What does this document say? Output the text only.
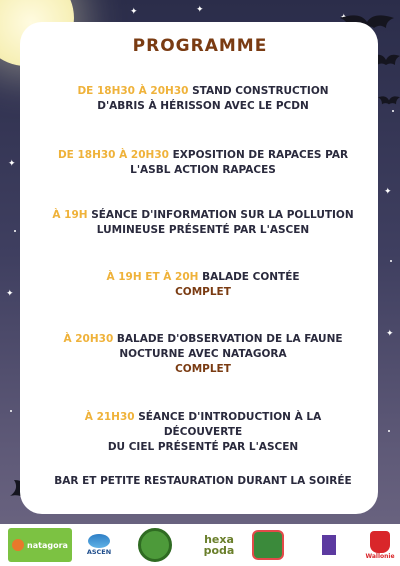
✦	✦
✦
✦
✦
✦
PROGRAMME
DE 18H30 À 20H30 STAND CONSTRUCTION
D'ABRIS À HÉRISSON AVEC LE PCDN
DE 18H30 À 20H30 EXPOSITION DE RAPACES PAR
L'ASBL ACTION RAPACES
À 19H SÉANCE D'INFORMATION SUR LA POLLUTION
LUMINEUSE PRÉSENTÉ PAR L'ASCEN
À 19H ET À 20H BALADE CONTÉE

COMPLET
À 20H30 BALADE D'OBSERVATION DE LA FAUNE
NOCTURNE AVEC NATAGORA
COMPLET
À 21H30 SÉANCE D'INTRODUCTION À LA DÉCOUVERTE
DU CIEL PRÉSENTÉ PAR L'ASCEN
BAR ET PETITE RESTAURATION DURANT LA SOIRÉE
natagora
ASCEN
hexa
poda	Wallonie
